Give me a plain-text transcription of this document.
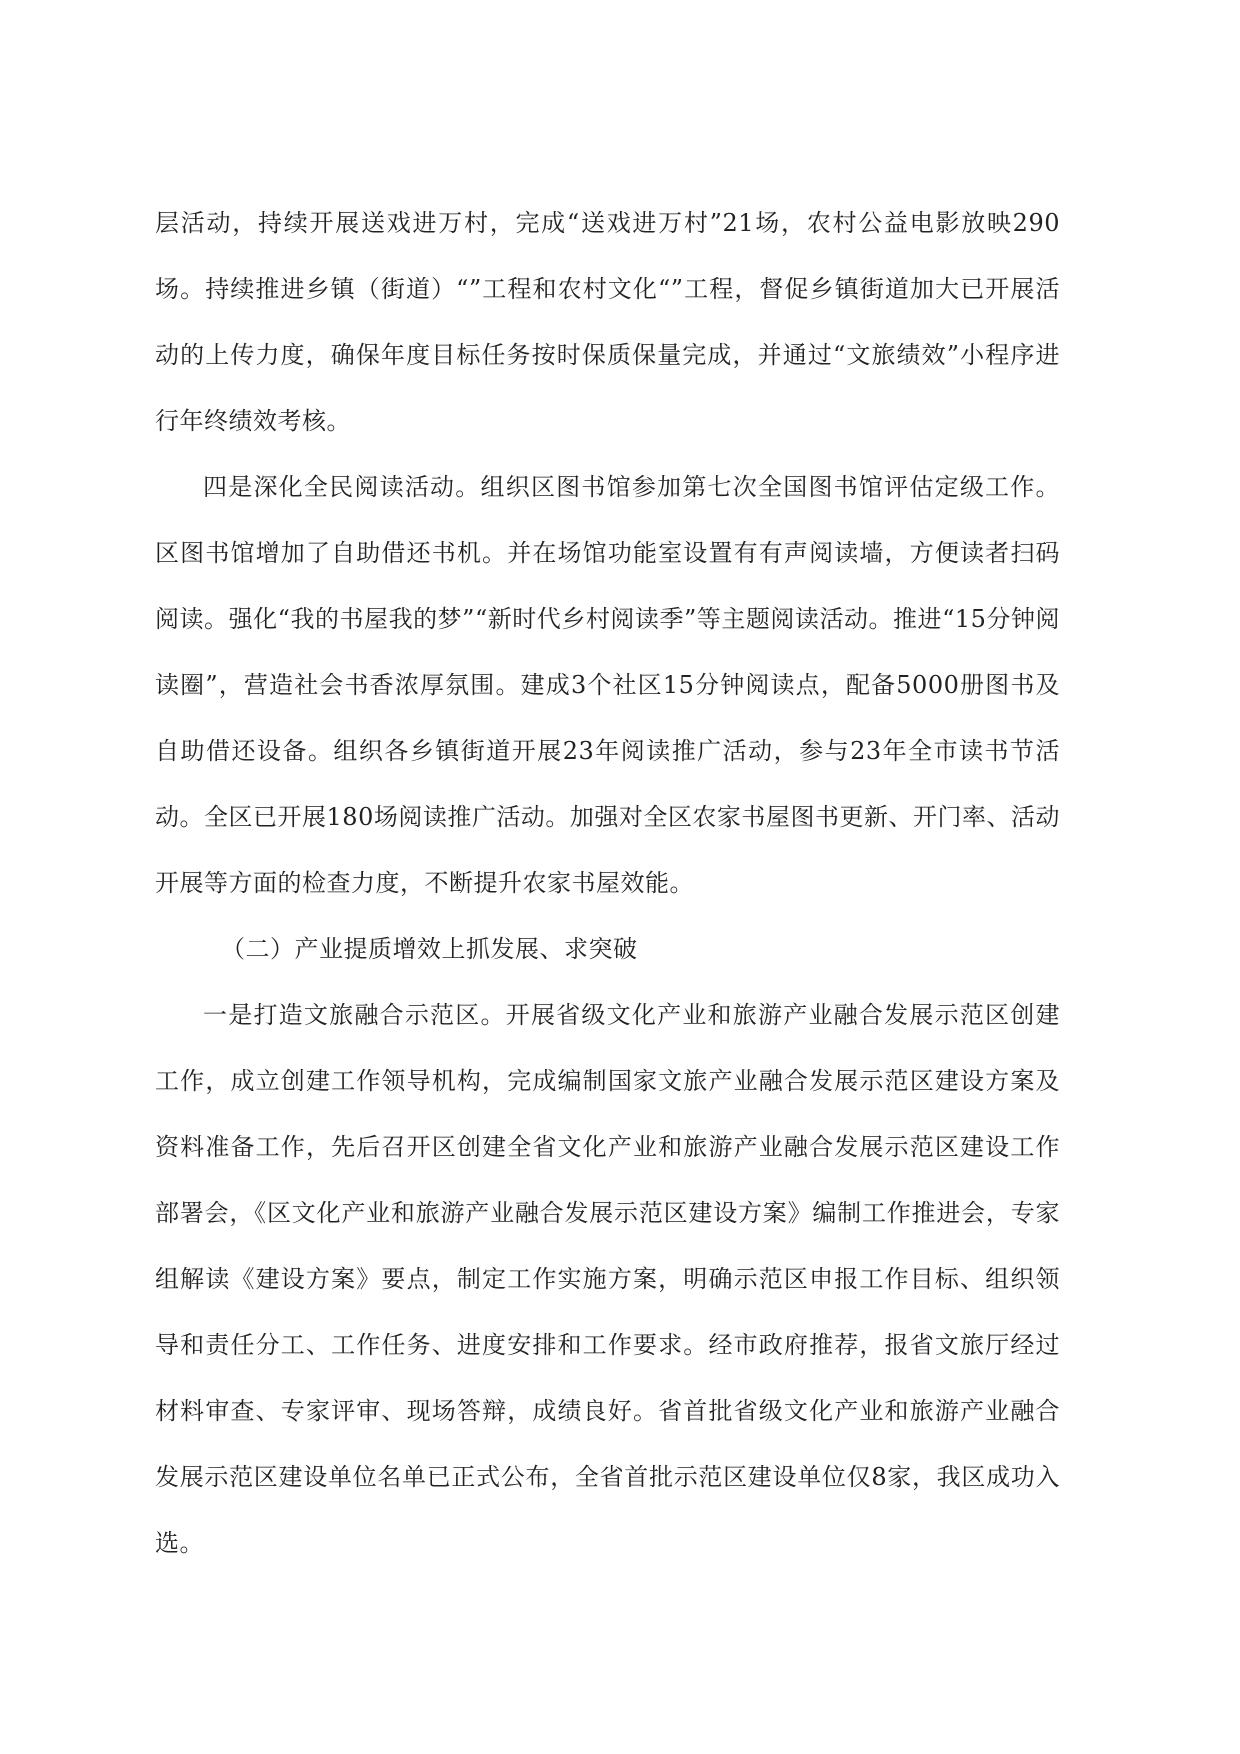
层活动，持续开展送戏进万村，完成“送戏进万村”21场，农村公益电影放映290场。持续推进乡镇（街道）“”工程和农村文化“”工程，督促乡镇街道加大已开展活动的上传力度，确保年度目标任务按时保质保量完成，并通过“文旅绩效”小程序进行年终绩效考核。

四是深化全民阅读活动。组织区图书馆参加第七次全国图书馆评估定级工作。区图书馆增加了自助借还书机。并在场馆功能室设置有有声阅读墙，方便读者扫码阅读。强化“我的书屋我的梦”“新时代乡村阅读季”等主题阅读活动。推进“15分钟阅读圈”，营造社会书香浓厚氛围。建成3个社区15分钟阅读点，配备5000册图书及自助借还设备。组织各乡镇街道开展23年阅读推广活动，参与23年全市读书节活动。全区已开展180场阅读推广活动。加强对全区农家书屋图书更新、开门率、活动开展等方面的检查力度，不断提升农家书屋效能。

（二）产业提质增效上抓发展、求突破

一是打造文旅融合示范区。开展省级文化产业和旅游产业融合发展示范区创建工作，成立创建工作领导机构，完成编制国家文旅产业融合发展示范区建设方案及资料准备工作，先后召开区创建全省文化产业和旅游产业融合发展示范区建设工作部署会，《区文化产业和旅游产业融合发展示范区建设方案》编制工作推进会，专家组解读《建设方案》要点，制定工作实施方案，明确示范区申报工作目标、组织领导和责任分工、工作任务、进度安排和工作要求。经市政府推荐，报省文旅厅经过材料审查、专家评审、现场答辩，成绩良好。省首批省级文化产业和旅游产业融合发展示范区建设单位名单已正式公布，全省首批示范区建设单位仅8家，我区成功入选。
